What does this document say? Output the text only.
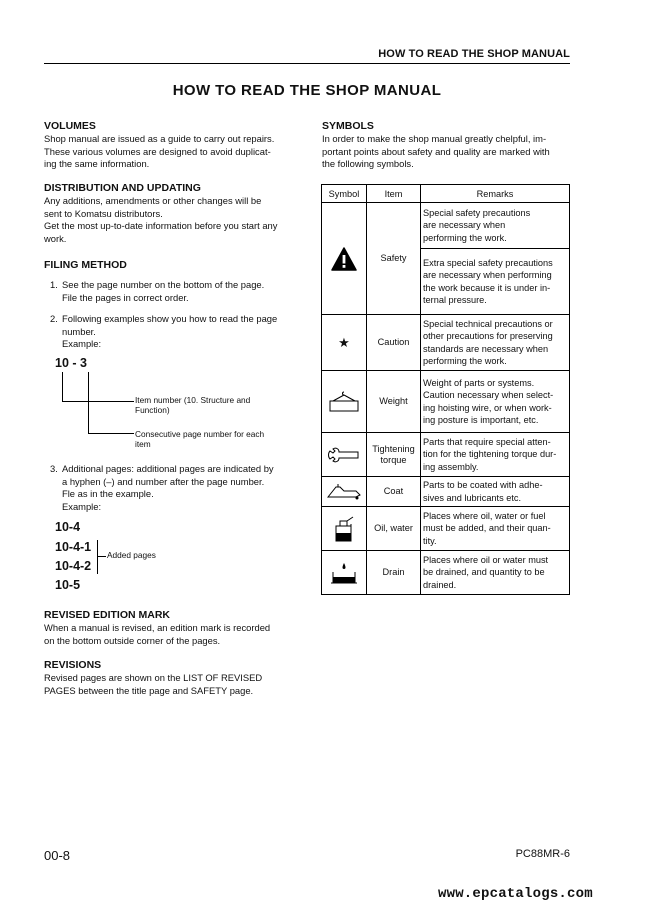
HOW TO READ THE SHOP MANUAL
HOW TO READ THE SHOP MANUAL
VOLUMES
Shop manual are issued as a guide to carry out repairs.
These various volumes are designed to avoid duplicat-
ing the same information.
DISTRIBUTION AND UPDATING
Any additions, amendments or other changes will be
sent to Komatsu distributors.
Get the most up-to-date information before you start any
work.
FILING METHOD
1. See the page number on the bottom of the page.
File the pages in correct order.
2. Following examples show you how to read the page
number.
Example:
10 - 3
Item number (10. Structure and
Function)
Consecutive page number for each
item
3. Additional pages: additional pages are indicated by
a hyphen (–) and number after the page number.
Fle as in the example.
Example:
10-4
10-4-1
10-4-2
10-5
Added pages
REVISED EDITION MARK
When a manual is revised, an edition mark is recorded
on the bottom outside corner of the pages.
REVISIONS
Revised pages are shown on the LIST OF REVISED
PAGES between the title page and SAFETY page.
SYMBOLS
In order to make the shop manual greatly chelpful, im-
portant points about safety and quality are marked with
the following symbols.
Symbol	Item	Remarks
	Safety	Special safety precautions
are necessary when
performing the work.

		Extra special safety precautions
are necessary when performing
the work because it is under in-
ternal pressure.

★	Caution	Special technical precautions or
other precautions for preserving
standards are necessary when
performing the work.

	Weight	Weight of parts or systems.
Caution necessary when select-
ing hoisting wire, or when work-
ing posture is important, etc.

Tightening
torque	Parts that require special atten-
tion for the tightening torque dur-
ing assembly.

	Coat	Parts to be coated with adhe-
sives and lubricants etc.

	Oil, water	Places where oil, water or fuel
must be added, and their quan-
tity.

	Drain	Places where oil or water must
be drained, and quantity to be
drained.
00-8	PC88MR-6
www.epcatalogs.com
